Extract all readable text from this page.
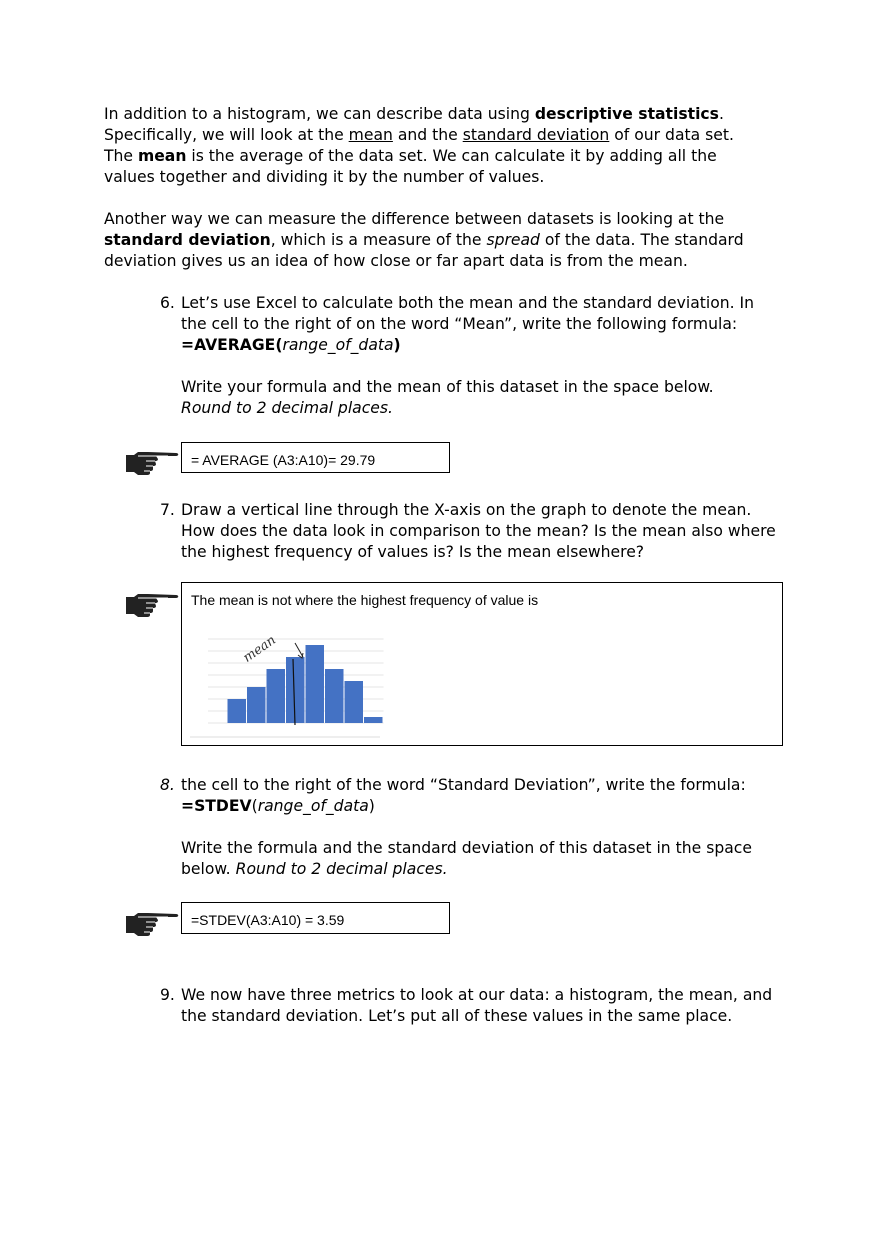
In addition to a histogram, we can describe data using descriptive statistics.
Specifically, we will look at the mean and the standard deviation of our data set.
The mean is the average of the data set. We can calculate it by adding all the values together and dividing it by the number of values.
Another way we can measure the difference between datasets is looking at the standard deviation, which is a measure of the spread of the data. The standard deviation gives us an idea of how close or far apart data is from the mean.
6. Let’s use Excel to calculate both the mean and the standard deviation. In the cell to the right of on the word “Mean”, write the following formula:
=AVERAGE(range_of_data)
Write your formula and the mean of this dataset in the space below.
Round to 2 decimal places.
= AVERAGE (A3:A10)= 29.79
7. Draw a vertical line through the X-axis on the graph to denote the mean. How does the data look in comparison to the mean? Is the mean also where the highest frequency of values is? Is the mean elsewhere?
The mean is not where the highest frequency of value is
mean
8. the cell to the right of the word “Standard Deviation”, write the formula:
=STDEV(range_of_data)
Write the formula and the standard deviation of this dataset in the space below. Round to 2 decimal places.
=STDEV(A3:A10) = 3.59
9. We now have three metrics to look at our data: a histogram, the mean, and the standard deviation. Let’s put all of these values in the same place.
